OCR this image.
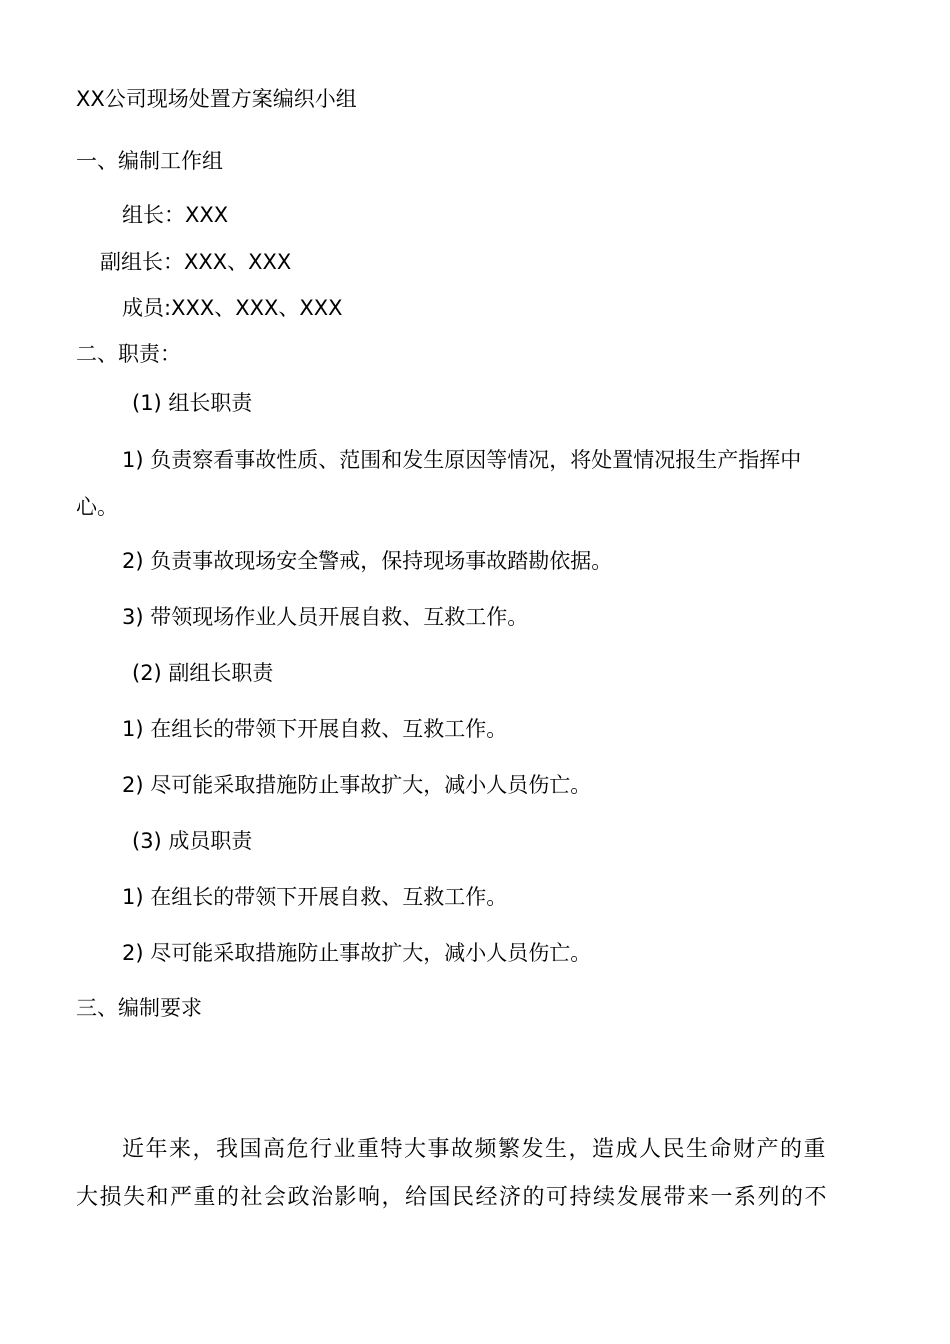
XX公司现场处置方案编织小组
一、编制工作组
组长：XXX
副组长：XXX、XXX
成员:XXX、XXX、XXX
二、职责：
(1) 组长职责
1) 负责察看事故性质、范围和发生原因等情况，将处置情况报生产指挥中
心。
2) 负责事故现场安全警戒，保持现场事故踏勘依据。
3) 带领现场作业人员开展自救、互救工作。
(2) 副组长职责
1) 在组长的带领下开展自救、互救工作。
2) 尽可能采取措施防止事故扩大，减小人员伤亡。
(3) 成员职责
1) 在组长的带领下开展自救、互救工作。
2) 尽可能采取措施防止事故扩大，减小人员伤亡。
三、编制要求
近年来，我国高危行业重特大事故频繁发生，造成人民生命财产的重
大损失和严重的社会政治影响，给国民经济的可持续发展带来一系列的不
